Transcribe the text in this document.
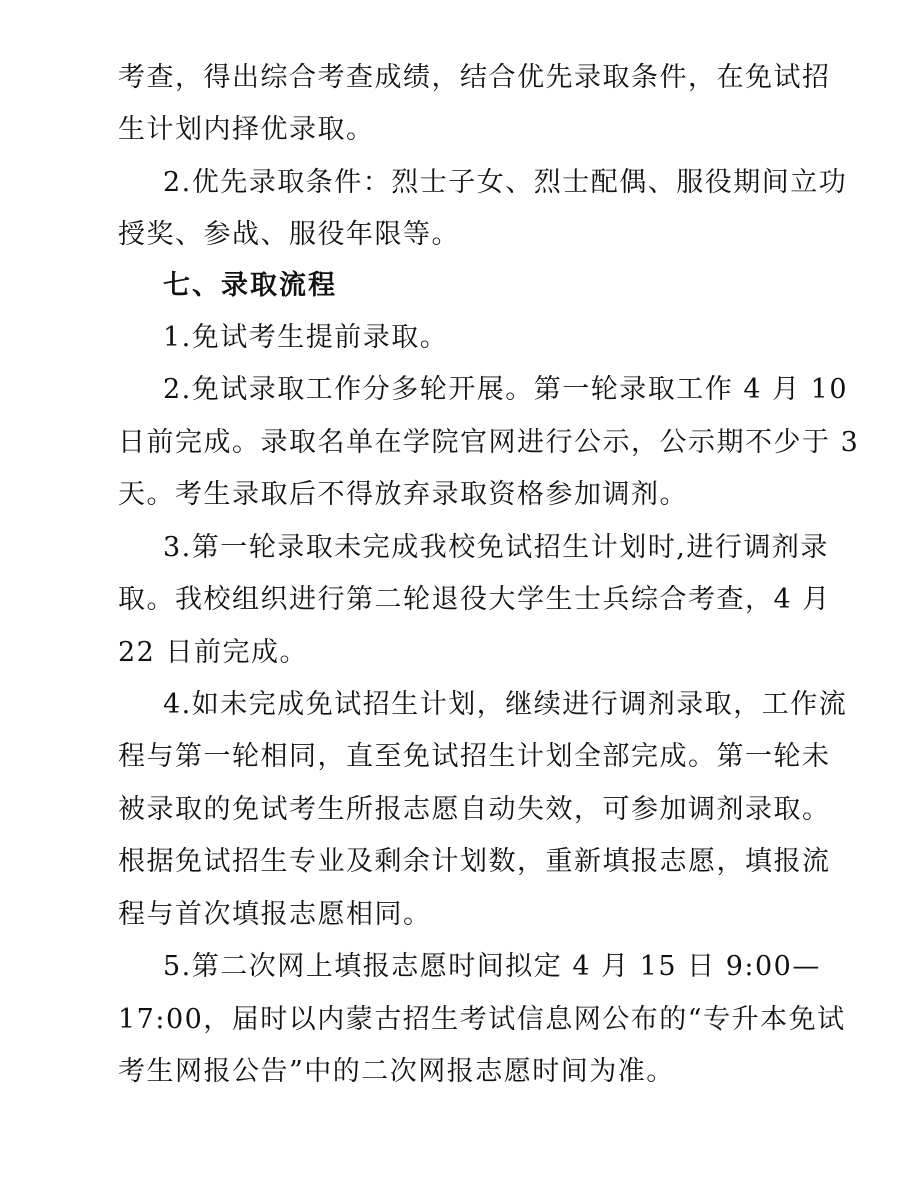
考查，得出综合考查成绩，结合优先录取条件，在免试招
生计划内择优录取。
2.优先录取条件：烈士子女、烈士配偶、服役期间立功
授奖、参战、服役年限等。
七、录取流程
1.免试考生提前录取。
2.免试录取工作分多轮开展。第一轮录取工作 4 月 10
日前完成。录取名单在学院官网进行公示，公示期不少于 3
天。考生录取后不得放弃录取资格参加调剂。
3.第一轮录取未完成我校免试招生计划时,进行调剂录
取。我校组织进行第二轮退役大学生士兵综合考查，4 月
22 日前完成。
4.如未完成免试招生计划，继续进行调剂录取，工作流
程与第一轮相同，直至免试招生计划全部完成。第一轮未
被录取的免试考生所报志愿自动失效，可参加调剂录取。
根据免试招生专业及剩余计划数，重新填报志愿，填报流
程与首次填报志愿相同。
5.第二次网上填报志愿时间拟定 4 月 15 日 9:00—
17:00，届时以内蒙古招生考试信息网公布的“专升本免试
考生网报公告”中的二次网报志愿时间为准。
